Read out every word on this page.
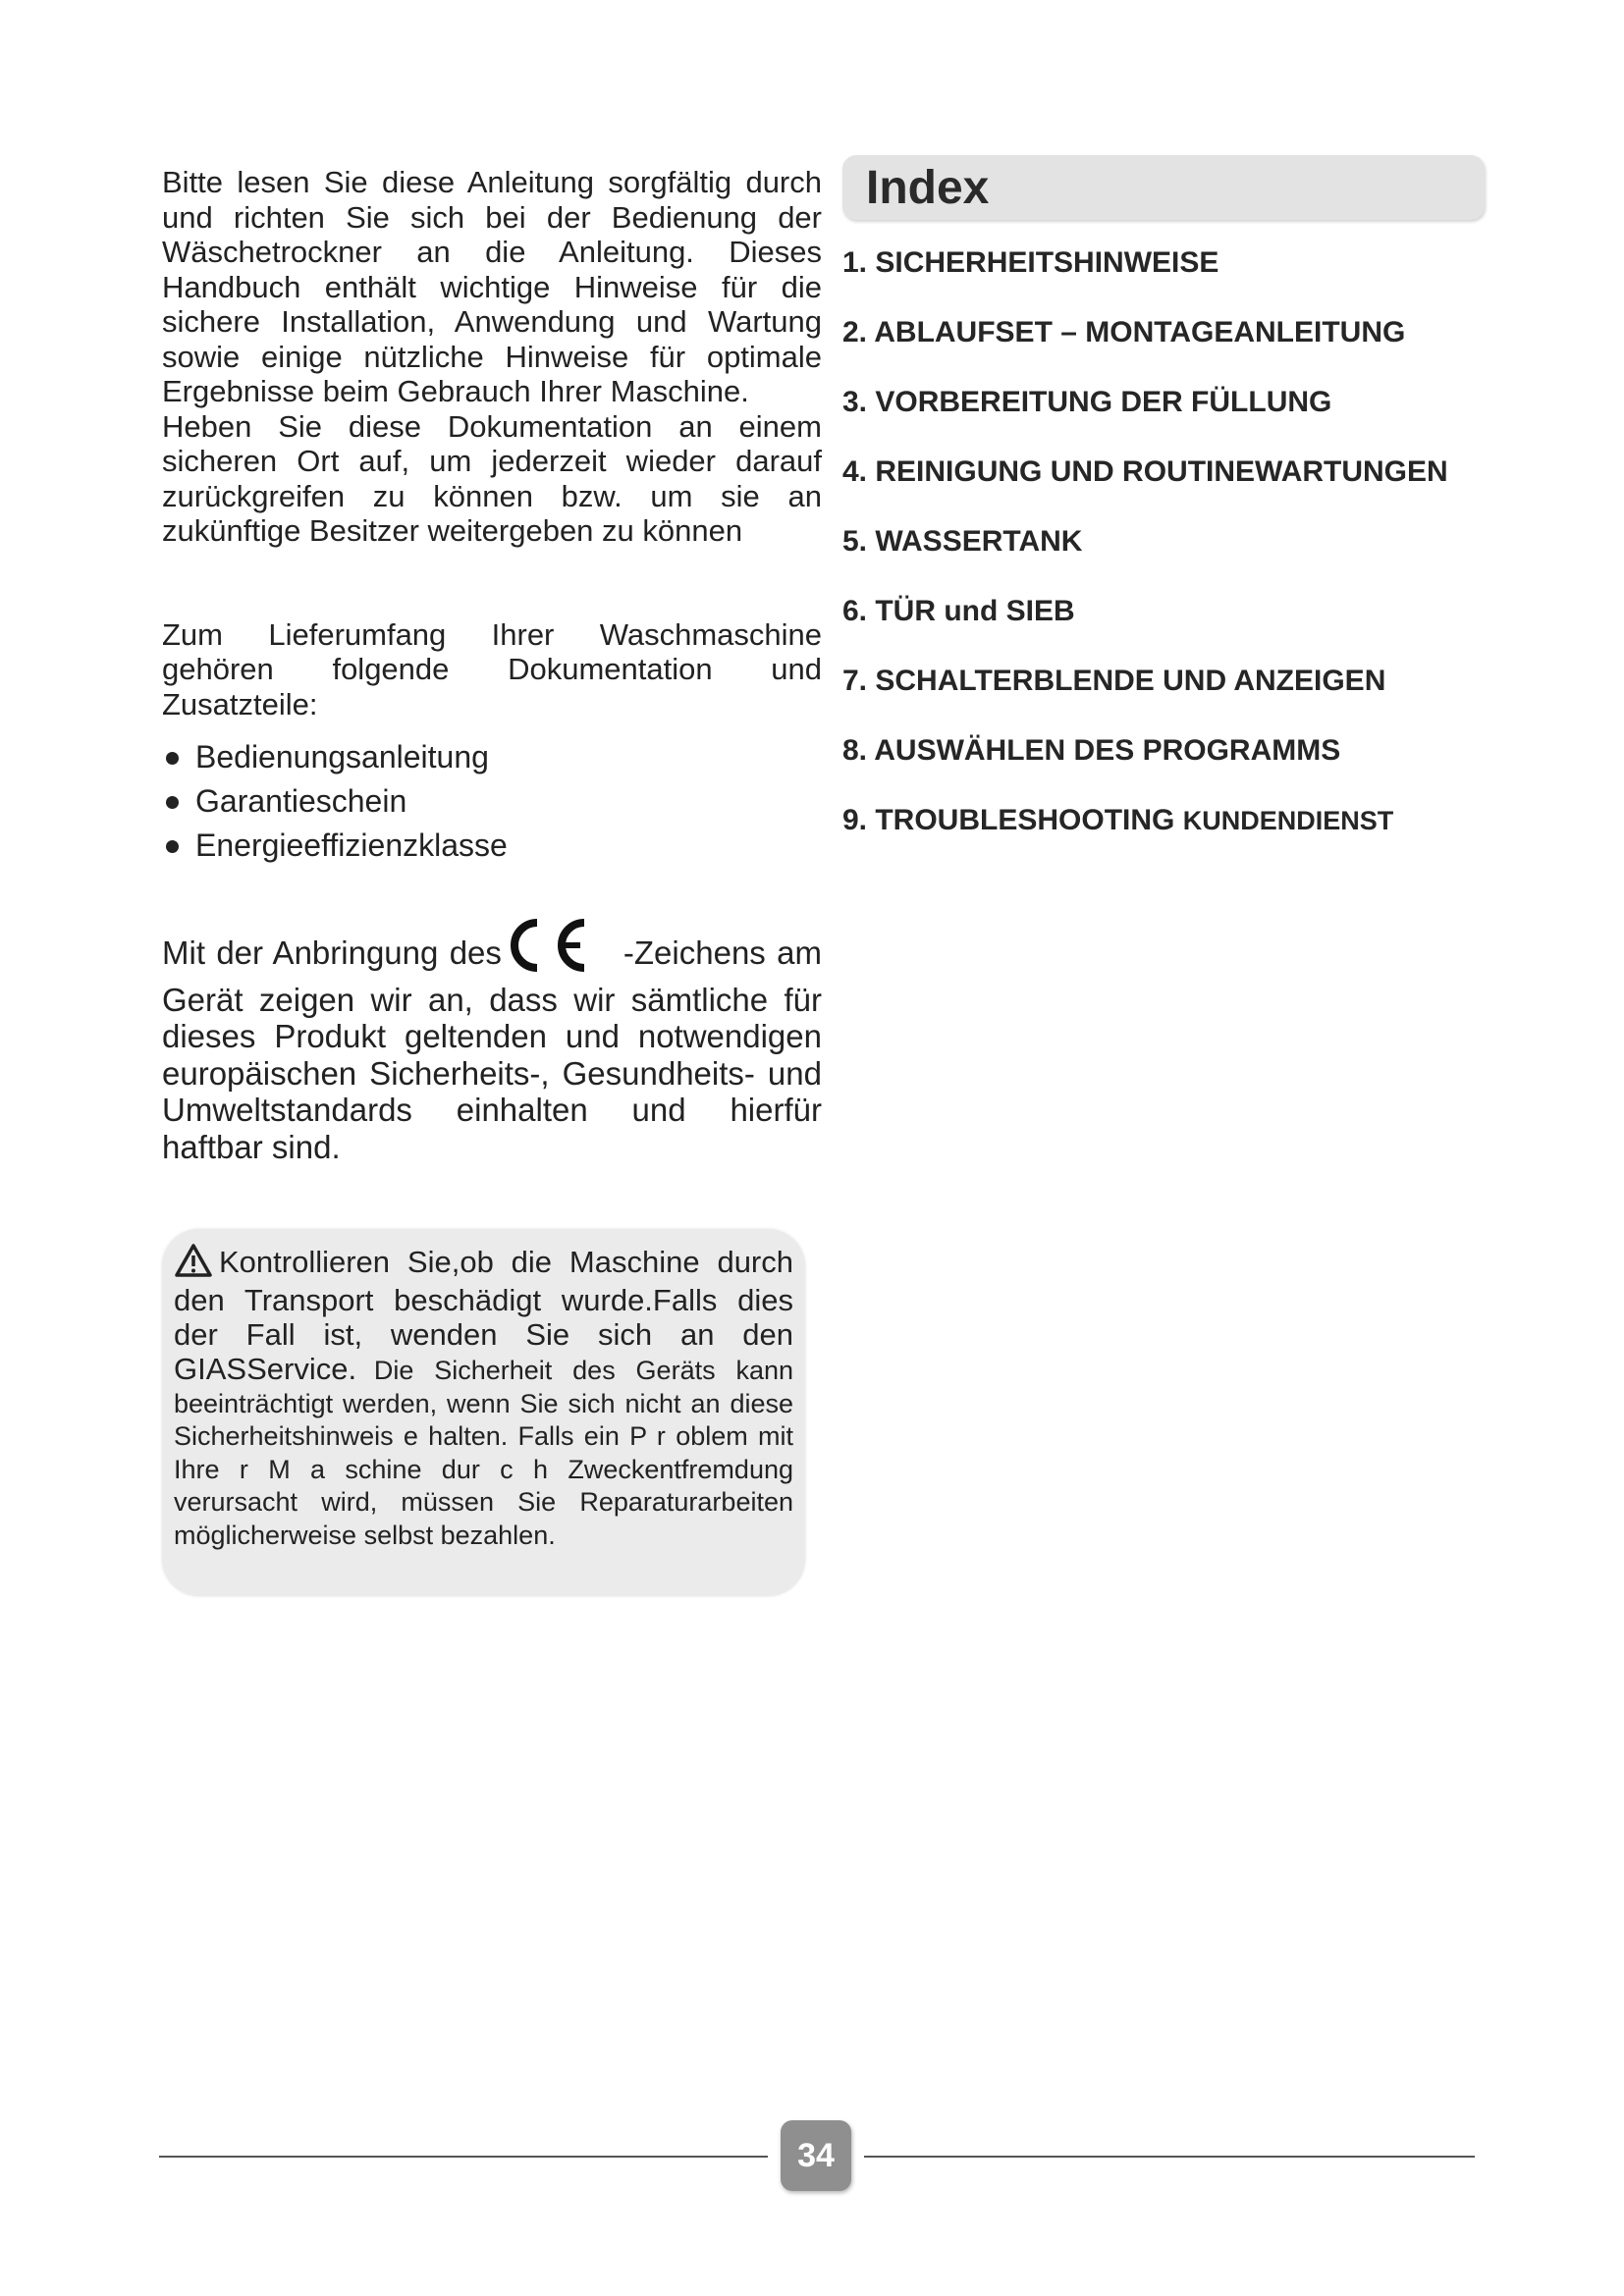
Bitte lesen Sie diese Anleitung sorgfältig durch und richten Sie sich bei der Bedienung der Wäschetrockner an die Anleitung. Dieses Handbuch enthält wichtige Hinweise für die sichere Installation, Anwendung und Wartung sowie einige nützliche Hinweise für optimale Ergebnisse beim Gebrauch Ihrer Maschine.

Heben Sie diese Dokumentation an einem sicheren Ort auf, um jederzeit wieder darauf zurückgreifen zu können bzw. um sie an zukünftige Besitzer weitergeben zu können

Zum Lieferumfang Ihrer Waschmaschine gehören folgende Dokumentation und Zusatzteile:

Bedienungsanleitung
Garantieschein
Energieeffizienzklasse

Mit der Anbringung des	-Zeichens am Gerät zeigen wir an, dass wir sämtliche für dieses Produkt geltenden und notwendigen europäischen Sicherheits-, Gesundheits- und Umweltstandards einhalten und hierfür haftbar sind.

Kontrollieren Sie,ob die Maschine durch den Transport beschädigt wurde.Falls dies der Fall ist, wenden Sie sich an den GIASService. Die Sicherheit des Geräts kann beeinträchtigt werden, wenn Sie sich nicht an diese Sicherheitshinweis e halten. Falls ein P r oblem mit Ihre r M a schine dur c h Zweckentfremdung verursacht wird, müssen Sie Reparaturarbeiten möglicherweise selbst bezahlen.

Index
1. SICHERHEITSHINWEISE
2. ABLAUFSET – MONTAGEANLEITUNG
3. VORBEREITUNG DER FÜLLUNG
4. REINIGUNG UND ROUTINEWARTUNGEN
5. WASSERTANK
6. TÜR und SIEB
7. SCHALTERBLENDE UND ANZEIGEN
8. AUSWÄHLEN DES PROGRAMMS
9. TROUBLESHOOTING KUNDENDIENST
34
